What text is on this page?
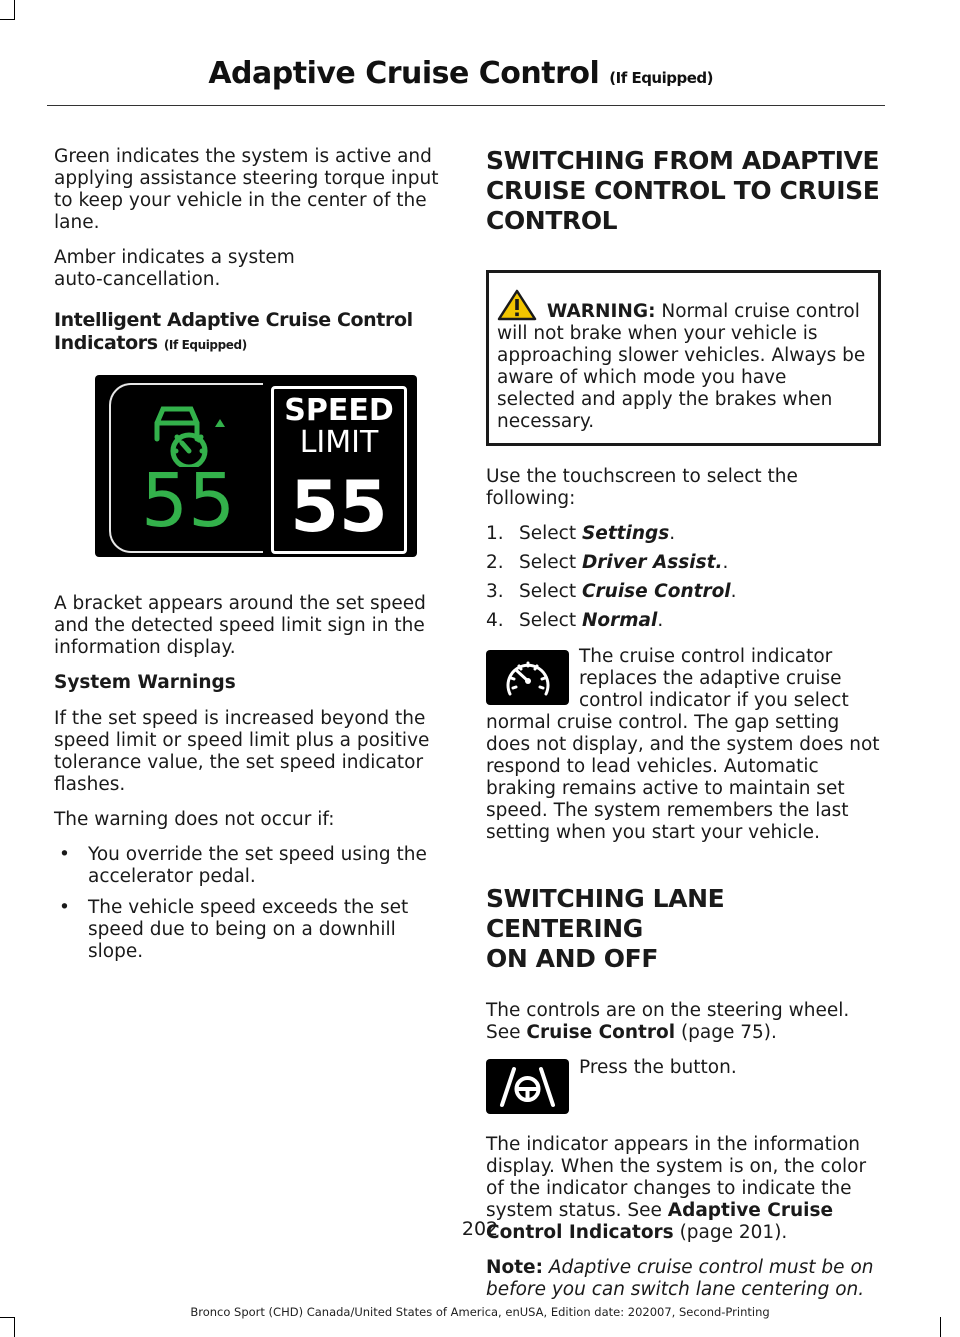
Adaptive Cruise Control (If Equipped)

Green indicates the system is active and applying assistance steering torque input to keep your vehicle in the center of the lane.

Amber indicates a system auto-cancellation.

Intelligent Adaptive Cruise Control Indicators (If Equipped)
55
SPEED
LIMIT
55

A bracket appears around the set speed and the detected speed limit sign in the information display.

System Warnings

If the set speed is increased beyond the speed limit or speed limit plus a positive tolerance value, the set speed indicator flashes.

The warning does not occur if:

• You override the set speed using the accelerator pedal.
• The vehicle speed exceeds the set speed due to being on a downhill slope.
SWITCHING FROM ADAPTIVE
CRUISE CONTROL TO CRUISE
CONTROL
WARNING: Normal cruise control will not brake when your vehicle is approaching slower vehicles. Always be aware of which mode you have selected and apply the brakes when necessary.

Use the touchscreen to select the following:

1. Select Settings.
2. Select Driver Assist..
3. Select Cruise Control.
4. Select Normal.

The cruise control indicator replaces the adaptive cruise control indicator if you select normal cruise control. The gap setting does not display, and the system does not respond to lead vehicles. Automatic braking remains active to maintain set speed. The system remembers the last setting when you start your vehicle.

SWITCHING LANE CENTERING
ON AND OFF

The controls are on the steering wheel. See Cruise Control (page 75).

Press the button.

The indicator appears in the information display. When the system is on, the color of the indicator changes to indicate the system status. See Adaptive Cruise Control Indicators (page 201).

Note: Adaptive cruise control must be on before you can switch lane centering on.

202
Bronco Sport (CHD) Canada/United States of America, enUSA, Edition date: 202007, Second-Printing
